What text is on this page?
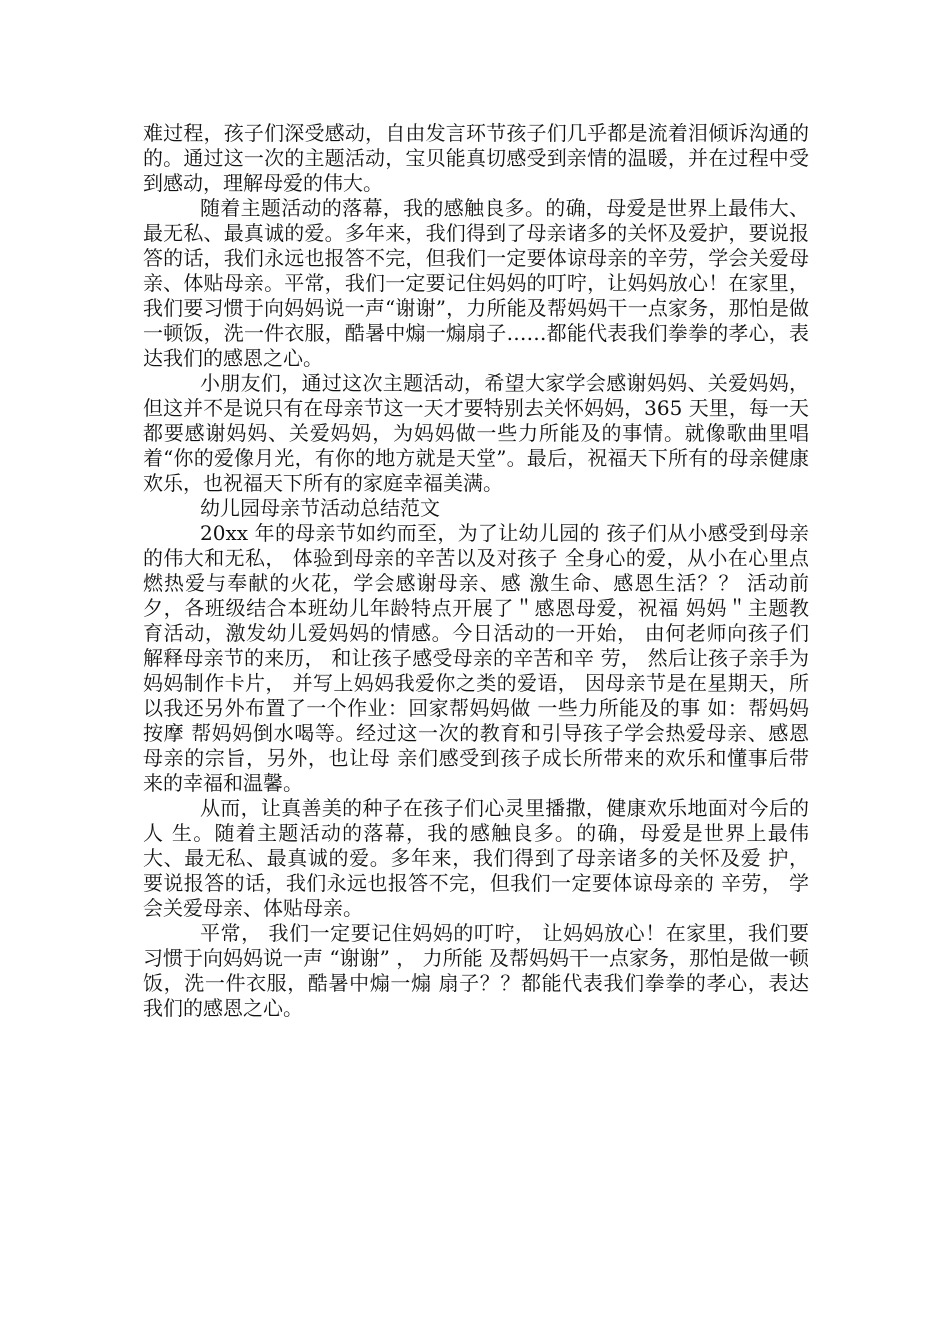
难过程，孩子们深受感动，自由发言环节孩子们几乎都是流着泪倾诉沟通的的。通过这一次的主题活动，宝贝能真切感受到亲情的温暖，并在过程中受到感动，理解母爱的伟大。

随着主题活动的落幕，我的感触良多。的确，母爱是世界上最伟大、最无私、最真诚的爱。多年来，我们得到了母亲诸多的关怀及爱护，要说报答的话，我们永远也报答不完，但我们一定要体谅母亲的辛劳，学会关爱母亲、体贴母亲。平常，我们一定要记住妈妈的叮咛，让妈妈放心！在家里，我们要习惯于向妈妈说一声“谢谢”，力所能及帮妈妈干一点家务，那怕是做一顿饭，洗一件衣服，酷暑中煽一煽扇子……都能代表我们拳拳的孝心，表达我们的感恩之心。

小朋友们，通过这次主题活动，希望大家学会感谢妈妈、关爱妈妈，但这并不是说只有在母亲节这一天才要特别去关怀妈妈，365 天里，每一天都要感谢妈妈、关爱妈妈，为妈妈做一些力所能及的事情。就像歌曲里唱着“你的爱像月光，有你的地方就是天堂”。最后，祝福天下所有的母亲健康欢乐，也祝福天下所有的家庭幸福美满。

幼儿园母亲节活动总结范文

20xx 年的母亲节如约而至，为了让幼儿园的 孩子们从小感受到母亲的伟大和无私， 体验到母亲的辛苦以及对孩子 全身心的爱，从小在心里点燃热爱与奉献的火花，学会感谢母亲、感 激生命、感恩生活？？ 活动前夕，各班级结合本班幼儿年龄特点开展了＂感恩母爱，祝福 妈妈＂主题教育活动，激发幼儿爱妈妈的情感。今日活动的一开始， 由何老师向孩子们解释母亲节的来历， 和让孩子感受母亲的辛苦和辛 劳， 然后让孩子亲手为妈妈制作卡片， 并写上妈妈我爱你之类的爱语， 因母亲节是在星期天，所以我还另外布置了一个作业：回家帮妈妈做 一些力所能及的事 如：帮妈妈按摩 帮妈妈倒水喝等。经过这一次的教育和引导孩子学会热爱母亲、感恩母亲的宗旨，另外，也让母 亲们感受到孩子成长所带来的欢乐和懂事后带来的幸福和温馨。

从而，让真善美的种子在孩子们心灵里播撒，健康欢乐地面对今后的人 生。随着主题活动的落幕，我的感触良多。的确，母爱是世界上最伟 大、最无私、最真诚的爱。多年来，我们得到了母亲诸多的关怀及爱 护，要说报答的话，我们永远也报答不完，但我们一定要体谅母亲的 辛劳， 学会关爱母亲、体贴母亲。

平常， 我们一定要记住妈妈的叮咛， 让妈妈放心！在家里，我们要习惯于向妈妈说一声 “谢谢” ， 力所能 及帮妈妈干一点家务，那怕是做一顿饭，洗一件衣服，酷暑中煽一煽 扇子？？都能代表我们拳拳的孝心，表达我们的感恩之心。
